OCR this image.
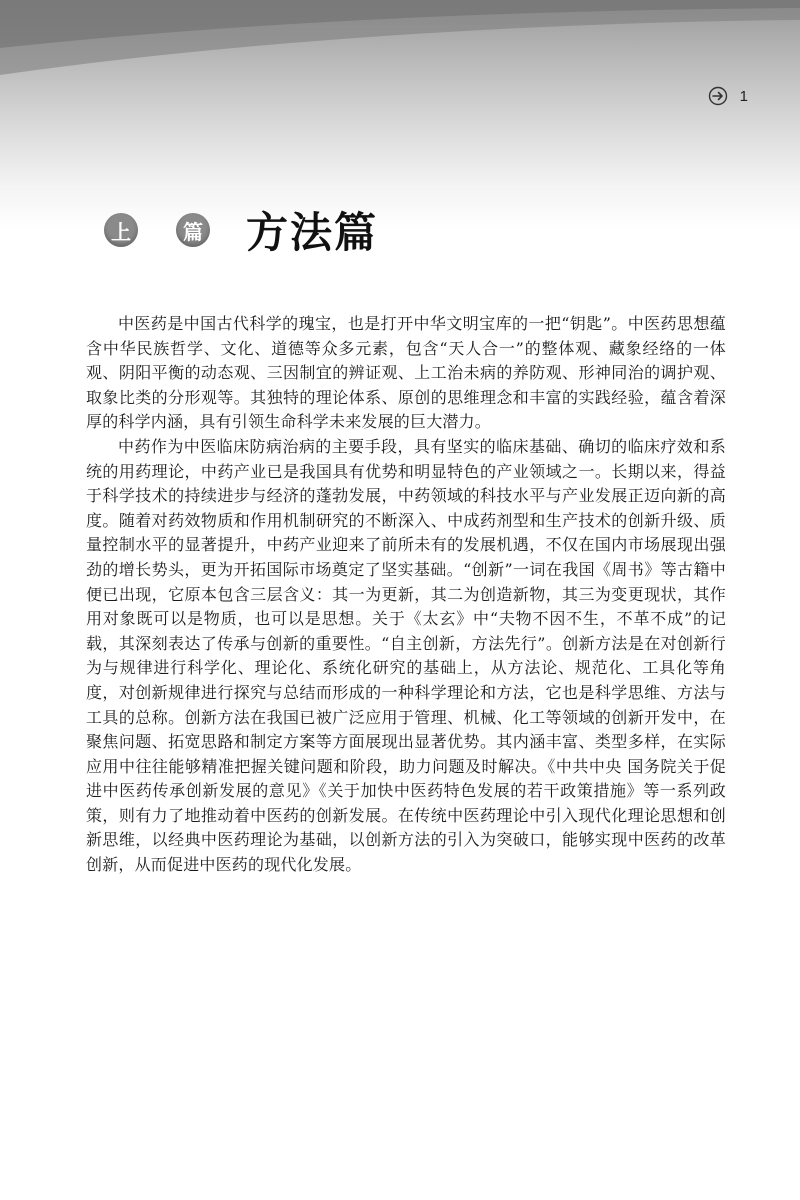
1
上	篇 方法篇

中医药是中国古代科学的瑰宝，也是打开中华文明宝库的一把“钥匙”。中医药思想蕴含中华民族哲学、文化、道德等众多元素，包含“天人合一”的整体观、藏象经络的一体观、阴阳平衡的动态观、三因制宜的辨证观、上工治未病的养防观、形神同治的调护观、取象比类的分形观等。其独特的理论体系、原创的思维理念和丰富的实践经验，蕴含着深厚的科学内涵，具有引领生命科学未来发展的巨大潜力。

中药作为中医临床防病治病的主要手段，具有坚实的临床基础、确切的临床疗效和系统的用药理论，中药产业已是我国具有优势和明显特色的产业领域之一。长期以来，得益于科学技术的持续进步与经济的蓬勃发展，中药领域的科技水平与产业发展正迈向新的高度。随着对药效物质和作用机制研究的不断深入、中成药剂型和生产技术的创新升级、质量控制水平的显著提升，中药产业迎来了前所未有的发展机遇，不仅在国内市场展现出强劲的增长势头，更为开拓国际市场奠定了坚实基础。“创新”一词在我国《周书》等古籍中便已出现，它原本包含三层含义：其一为更新，其二为创造新物，其三为变更现状，其作用对象既可以是物质，也可以是思想。关于《太玄》中“夫物不因不生，不革不成”的记载，其深刻表达了传承与创新的重要性。“自主创新，方法先行”。创新方法是在对创新行为与规律进行科学化、理论化、系统化研究的基础上，从方法论、规范化、工具化等角度，对创新规律进行探究与总结而形成的一种科学理论和方法，它也是科学思维、方法与工具的总称。创新方法在我国已被广泛应用于管理、机械、化工等领域的创新开发中，在聚焦问题、拓宽思路和制定方案等方面展现出显著优势。其内涵丰富、类型多样，在实际应用中往往能够精准把握关键问题和阶段，助力问题及时解决。《中共中央 国务院关于促进中医药传承创新发展的意见》《关于加快中医药特色发展的若干政策措施》等一系列政策，则有力了地推动着中医药的创新发展。在传统中医药理论中引入现代化理论思想和创新思维，以经典中医药理论为基础，以创新方法的引入为突破口，能够实现中医药的改革创新，从而促进中医药的现代化发展。
